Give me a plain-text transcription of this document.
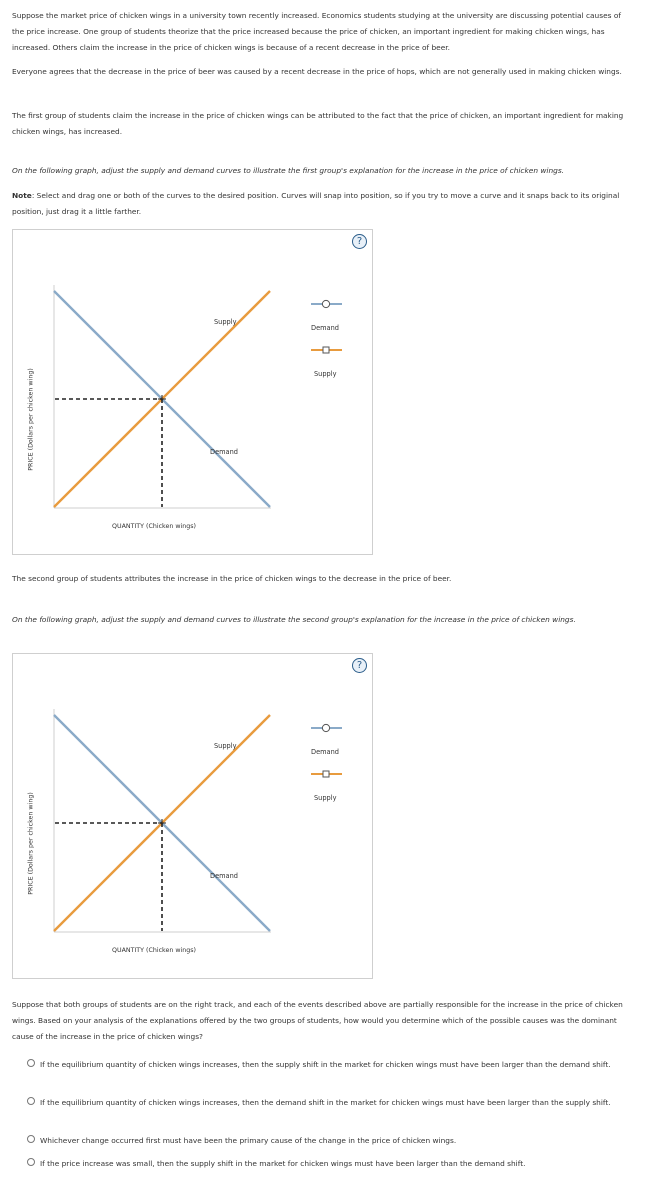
Suppose the market price of chicken wings in a university town recently increased. Economics students studying at the university are discussing potential causes of the price increase. One group of students theorize that the price increased because the price of chicken, an important ingredient for making chicken wings, has increased. Others claim the increase in the price of chicken wings is because of a recent decrease in the price of beer.

Everyone agrees that the decrease in the price of beer was caused by a recent decrease in the price of hops, which are not generally used in making chicken wings.

The first group of students claim the increase in the price of chicken wings can be attributed to the fact that the price of chicken, an important ingredient for making chicken wings, has increased.

On the following graph, adjust the supply and demand curves to illustrate the first group's explanation for the increase in the price of chicken wings.

Note: Select and drag one or both of the curves to the desired position. Curves will snap into position, so if you try to move a curve and it snaps back to its original position, just drag it a little farther.

?
PRICE (Dollars per chicken wing)
Supply
Demand
Demand
Supply
QUANTITY (Chicken wings)

The second group of students attributes the increase in the price of chicken wings to the decrease in the price of beer.

On the following graph, adjust the supply and demand curves to illustrate the second group's explanation for the increase in the price of chicken wings.

?
PRICE (Dollars per chicken wing)
Supply
Demand
Demand
Supply
QUANTITY (Chicken wings)

Suppose that both groups of students are on the right track, and each of the events described above are partially responsible for the increase in the price of chicken wings. Based on your analysis of the explanations offered by the two groups of students, how would you determine which of the possible causes was the dominant cause of the increase in the price of chicken wings?

If the equilibrium quantity of chicken wings increases, then the supply shift in the market for chicken wings must have been larger than the demand shift.
If the equilibrium quantity of chicken wings increases, then the demand shift in the market for chicken wings must have been larger than the supply shift.
Whichever change occurred first must have been the primary cause of the change in the price of chicken wings.
If the price increase was small, then the supply shift in the market for chicken wings must have been larger than the demand shift.
